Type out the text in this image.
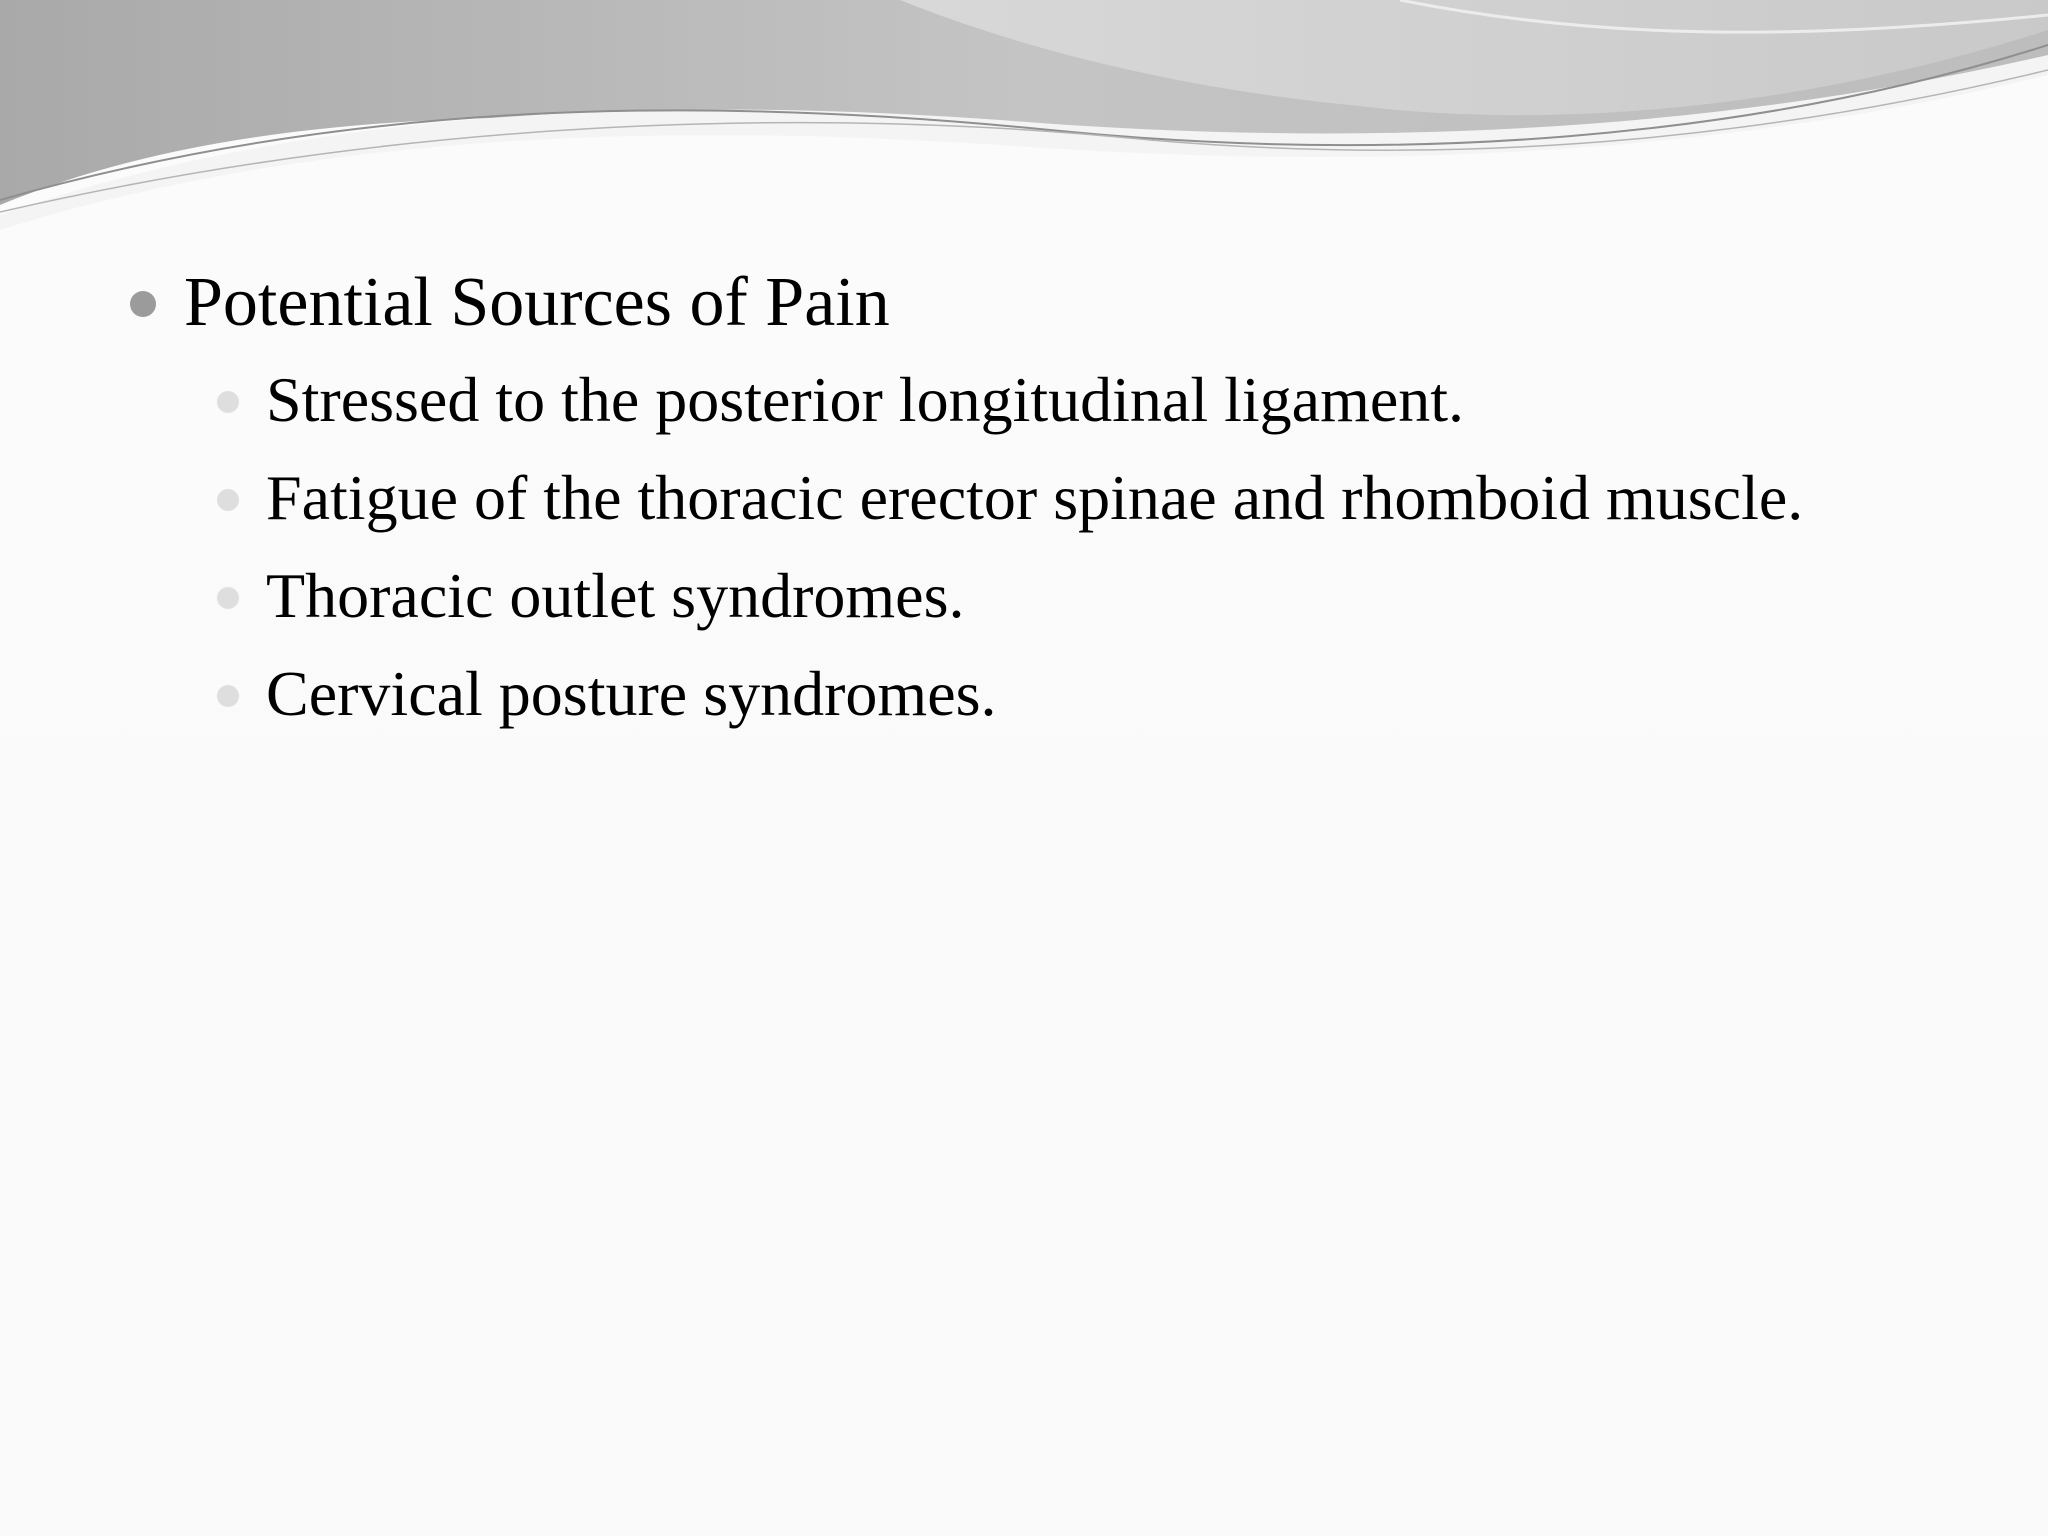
Potential Sources of Pain
Stressed to the posterior longitudinal ligament.
Fatigue of the thoracic erector spinae and rhomboid muscle.
Thoracic outlet syndromes.
Cervical posture syndromes.
